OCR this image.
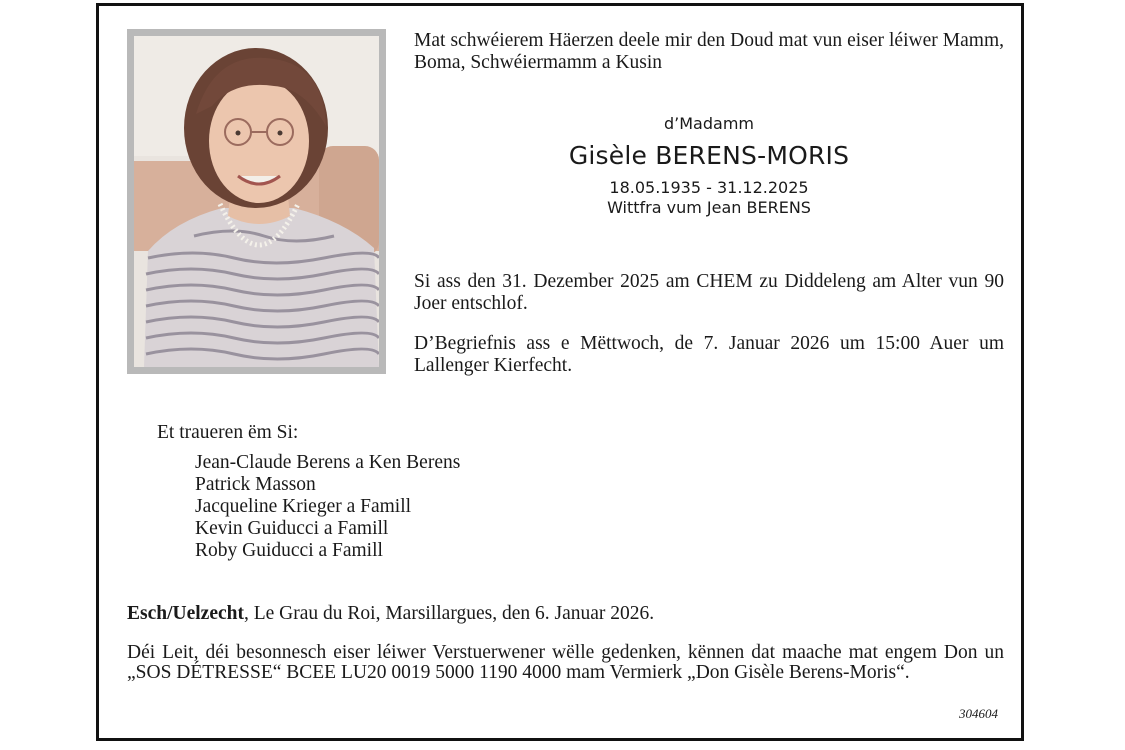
Mat schwéierem Häerzen deele mir den Doud mat vun eiser léiwer Mamm, Boma, Schwéiermamm a Kusin

d’Madamm

Gisèle BERENS-MORIS

18.05.1935 - 31.12.2025

Wittfra vum Jean BERENS

Si ass den 31. Dezember 2025 am CHEM zu Diddeleng am Alter vun 90 Joer entschlof.

D’Begriefnis ass e Mëttwoch, de 7. Januar 2026 um 15:00 Auer um Lallenger Kierfecht.

Et traueren ëm Si:

Jean-Claude Berens a Ken Berens
Patrick Masson
Jacqueline Krieger a Famill
Kevin Guiducci a Famill
Roby Guiducci a Famill

Esch/Uelzecht, Le Grau du Roi, Marsillargues, den 6. Januar 2026.

Déi Leit, déi besonnesch eiser léiwer Verstuerwener wëlle gedenken, kënnen dat maache mat engem Don un „SOS DÉTRESSE“ BCEE LU20 0019 5000 1190 4000 mam Vermierk „Don Gisèle Berens-Moris“.

304604
